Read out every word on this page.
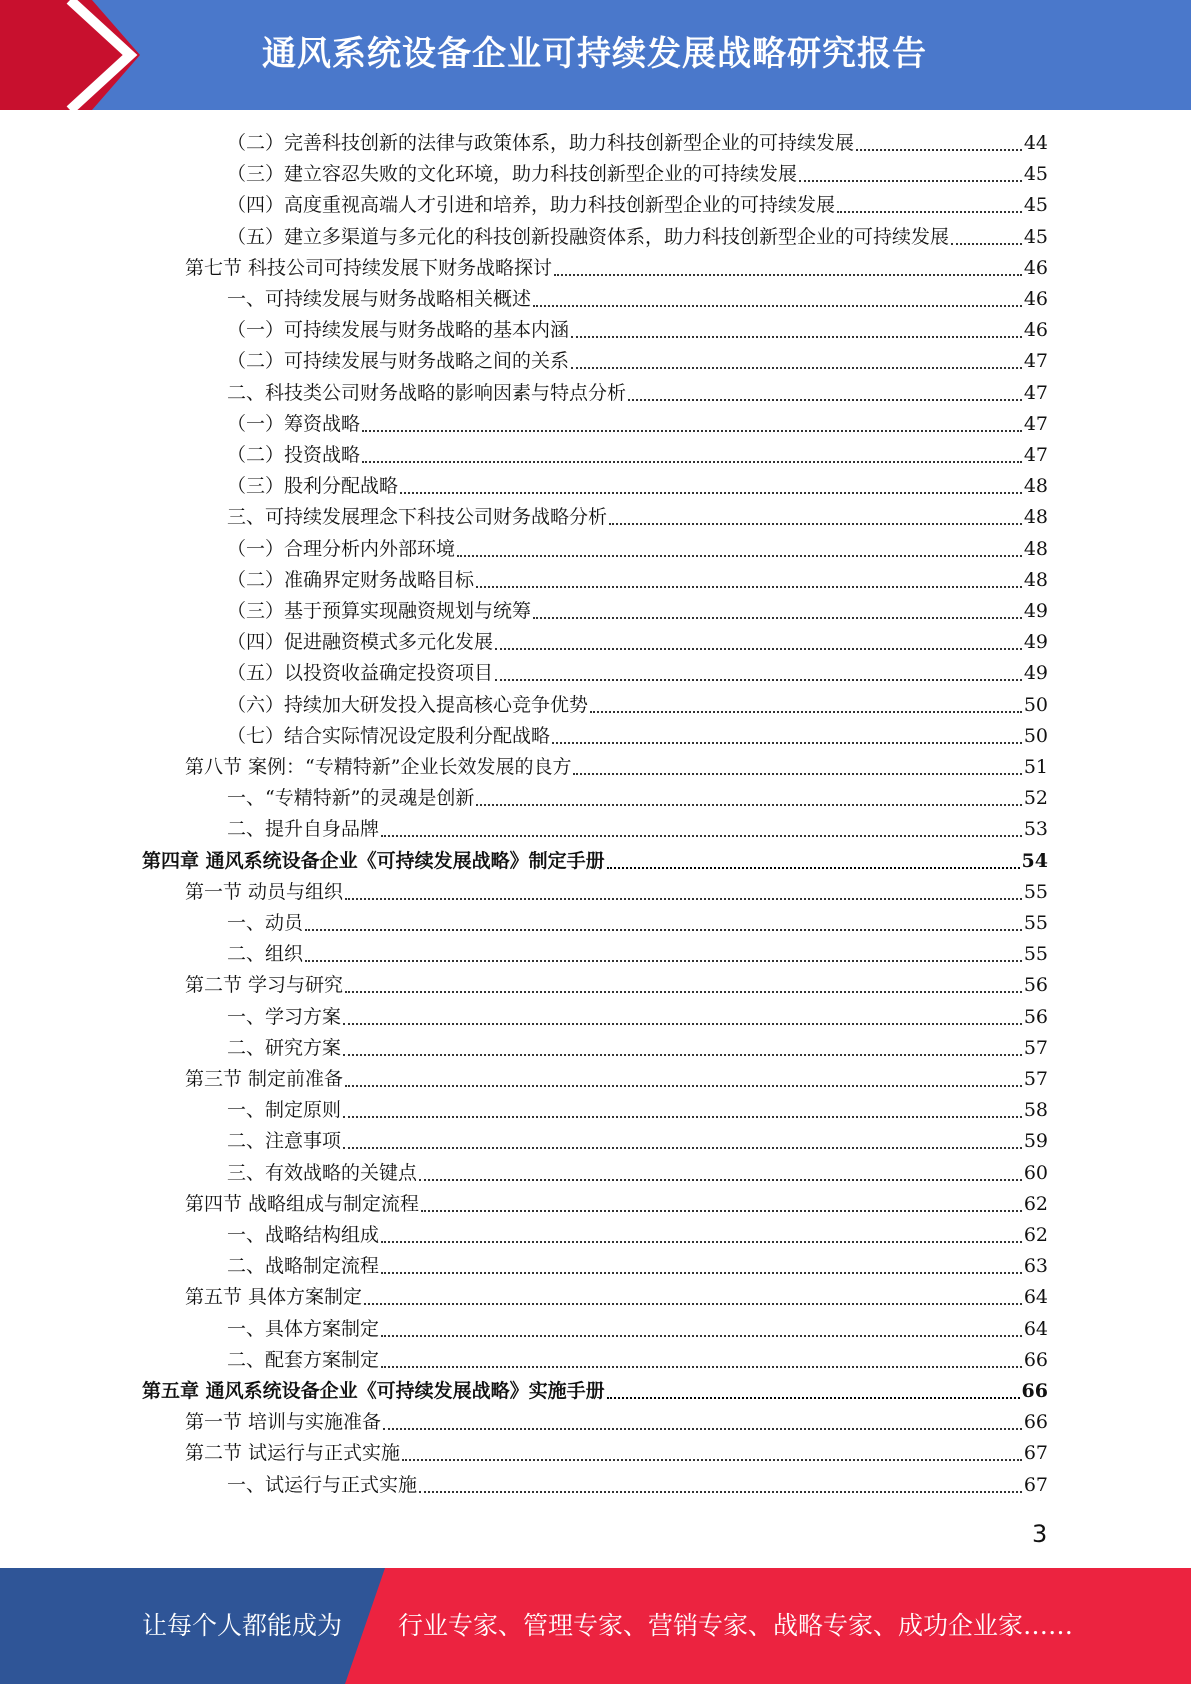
通风系统设备企业可持续发展战略研究报告
（二）完善科技创新的法律与政策体系，助力科技创新型企业的可持续发展	44
（三）建立容忍失败的文化环境，助力科技创新型企业的可持续发展	45
（四）高度重视高端人才引进和培养，助力科技创新型企业的可持续发展	45
（五）建立多渠道与多元化的科技创新投融资体系，助力科技创新型企业的可持续发展	45
第七节 科技公司可持续发展下财务战略探讨	46
一、可持续发展与财务战略相关概述	46
（一）可持续发展与财务战略的基本内涵	46
（二）可持续发展与财务战略之间的关系	47
二、科技类公司财务战略的影响因素与特点分析	47
（一）筹资战略	47
（二）投资战略	47
（三）股利分配战略	48
三、可持续发展理念下科技公司财务战略分析	48
（一）合理分析内外部环境	48
（二）准确界定财务战略目标	48
（三）基于预算实现融资规划与统筹	49
（四）促进融资模式多元化发展	49
（五）以投资收益确定投资项目	49
（六）持续加大研发投入提高核心竞争优势	50
（七）结合实际情况设定股利分配战略	50
第八节 案例：“专精特新”企业长效发展的良方	51
一、“专精特新”的灵魂是创新	52
二、提升自身品牌	53
第四章 通风系统设备企业《可持续发展战略》制定手册	54
第一节 动员与组织	55
一、动员	55
二、组织	55
第二节 学习与研究	56
一、学习方案	56
二、研究方案	57
第三节 制定前准备	57
一、制定原则	58
二、注意事项	59
三、有效战略的关键点	60
第四节 战略组成与制定流程	62
一、战略结构组成	62
二、战略制定流程	63
第五节 具体方案制定	64
一、具体方案制定	64
二、配套方案制定	66
第五章 通风系统设备企业《可持续发展战略》实施手册	66
第一节 培训与实施准备	66
第二节 试运行与正式实施	67
一、试运行与正式实施	67
3
让每个人都能成为 行业专家、管理专家、营销专家、战略专家、成功企业家……
